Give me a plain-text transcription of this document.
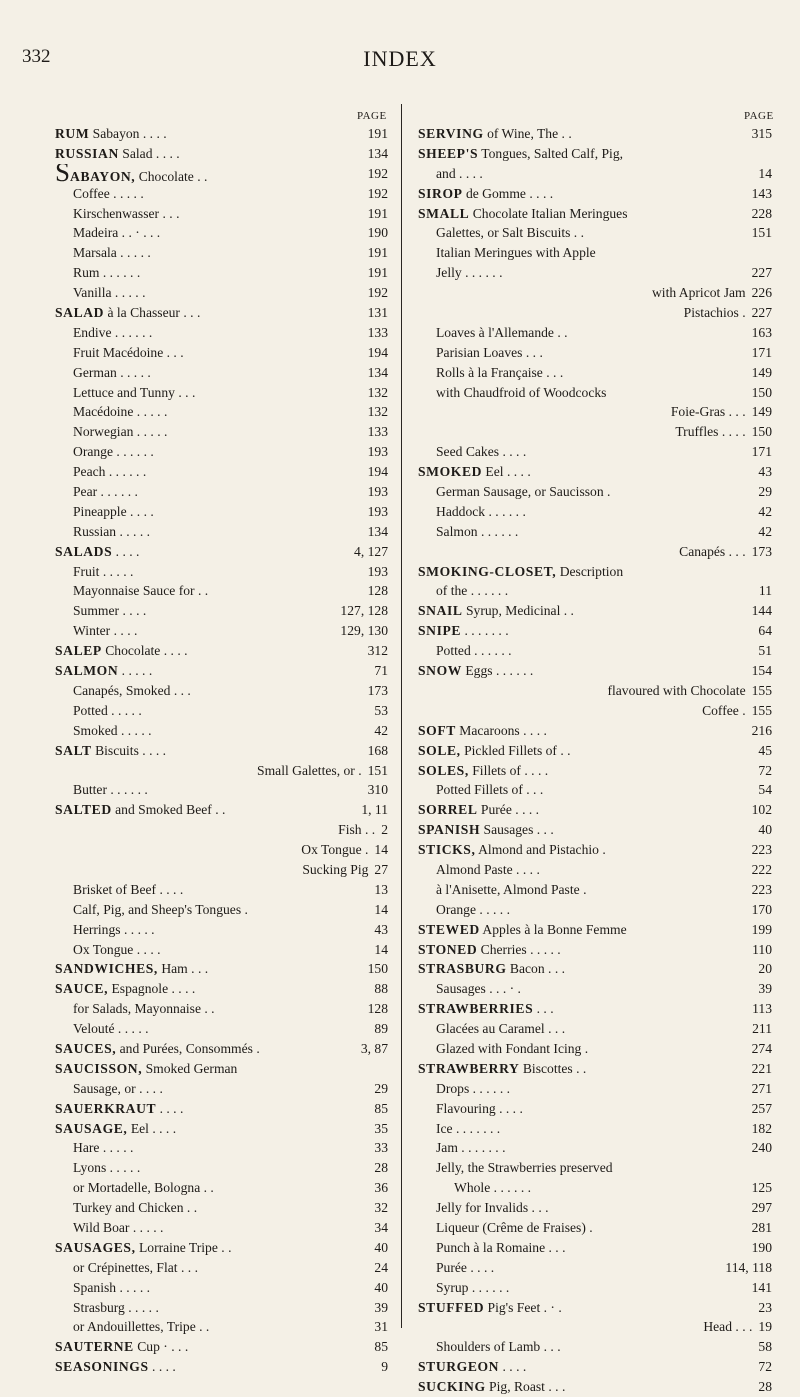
332	INDEX
PAGE	PAGE
RUM Sabayon . . . .	191
RUSSIAN Salad . . . .	134
SABAYON, Chocolate . .	192
Coffee . . . . .	192
Kirschenwasser . . .	191
Madeira . . · . . .	190
Marsala . . . . .	191
Rum . . . . . .	191
Vanilla . . . . .	192
SALAD à la Chasseur . . .	131
Endive . . . . . .	133
Fruit Macédoine . . .	194
German . . . . .	134
Lettuce and Tunny . . .	132
Macédoine . . . . .	132
Norwegian . . . . .	133
Orange . . . . . .	193
Peach . . . . . .	194
Pear . . . . . .	193
Pineapple . . . .	193
Russian . . . . .	134
SALADS . . . .	4, 127
Fruit . . . . .	193
Mayonnaise Sauce for . .	128
Summer . . . .	127, 128
Winter . . . .	129, 130
SALEP Chocolate . . . .	312
SALMON . . . . .	71
Canapés, Smoked . . .	173
Potted . . . . .	53
Smoked . . . . .	42
SALT Biscuits . . . .	168
Small Galettes, or . 151
Butter . . . . . .	310
SALTED and Smoked Beef . .	1, 11
Fish . . 2
Ox Tongue . 14
Sucking Pig 27
Brisket of Beef . . . .	13
Calf, Pig, and Sheep's Tongues .	14
Herrings . . . . .	43
Ox Tongue . . . .	14
SANDWICHES, Ham . . .	150
SAUCE, Espagnole . . . .	88
for Salads, Mayonnaise . .	128
Velouté . . . . .	89
SAUCES, and Purées, Consommés .	3, 87
SAUCISSON, Smoked German
Sausage, or . . . .	29
SAUERKRAUT . . . .	85
SAUSAGE, Eel . . . .	35
Hare . . . . .	33
Lyons . . . . .	28
or Mortadelle, Bologna . .	36
Turkey and Chicken . .	32
Wild Boar . . . . .	34
SAUSAGES, Lorraine Tripe . .	40
or Crépinettes, Flat . . .	24
Spanish . . . . .	40
Strasburg . . . . .	39
or Andouillettes, Tripe . .	31
SAUTERNE Cup · . . .	85
SEASONINGS . . . .	9
SERVING of Wine, The . .	315
SHEEP'S Tongues, Salted Calf, Pig,
and . . . .	14
SIROP de Gomme . . . .	143
SMALL Chocolate Italian Meringues	228
Galettes, or Salt Biscuits . .	151
Italian Meringues with Apple
Jelly . . . . . .	227
with Apricot Jam 226
Pistachios . 227
Loaves à l'Allemande . .	163
Parisian Loaves . . .	171
Rolls à la Française . . .	149
with Chaudfroid of Woodcocks	150
Foie-Gras . . . 149
Truffles . . . . 150
Seed Cakes . . . .	171
SMOKED Eel . . . .	43
German Sausage, or Saucisson .	29
Haddock . . . . . .	42
Salmon . . . . . .	42
Canapés . . . 173
SMOKING-CLOSET, Description
of the . . . . . .	11
SNAIL Syrup, Medicinal . .	144
SNIPE . . . . . . .	64
Potted . . . . . .	51
SNOW Eggs . . . . . .	154
flavoured with Chocolate 155
Coffee . 155
SOFT Macaroons . . . .	216
SOLE, Pickled Fillets of . .	45
SOLES, Fillets of . . . .	72
Potted Fillets of . . .	54
SORREL Purée . . . .	102
SPANISH Sausages . . .	40
STICKS, Almond and Pistachio .	223
Almond Paste . . . .	222
à l'Anisette, Almond Paste .	223
Orange . . . . .	170
STEWED Apples à la Bonne Femme	199
STONED Cherries . . . . .	110
STRASBURG Bacon . . .	20
Sausages . . . · .	39
STRAWBERRIES . . .	113
Glacées au Caramel . . .	211
Glazed with Fondant Icing .	274
STRAWBERRY Biscottes . .	221
Drops . . . . . .	271
Flavouring . . . .	257
Ice . . . . . . .	182
Jam . . . . . . .	240
Jelly, the Strawberries preserved
Whole . . . . . .	125
Jelly for Invalids . . .	297
Liqueur (Crême de Fraises) .	281
Punch à la Romaine . . .	190
Purée . . . .	114, 118
Syrup . . . . . .	141
STUFFED Pig's Feet . · .	23
Head . . . 19
Shoulders of Lamb . . .	58
STURGEON . . . .	72
SUCKING Pig, Roast . . .	28
